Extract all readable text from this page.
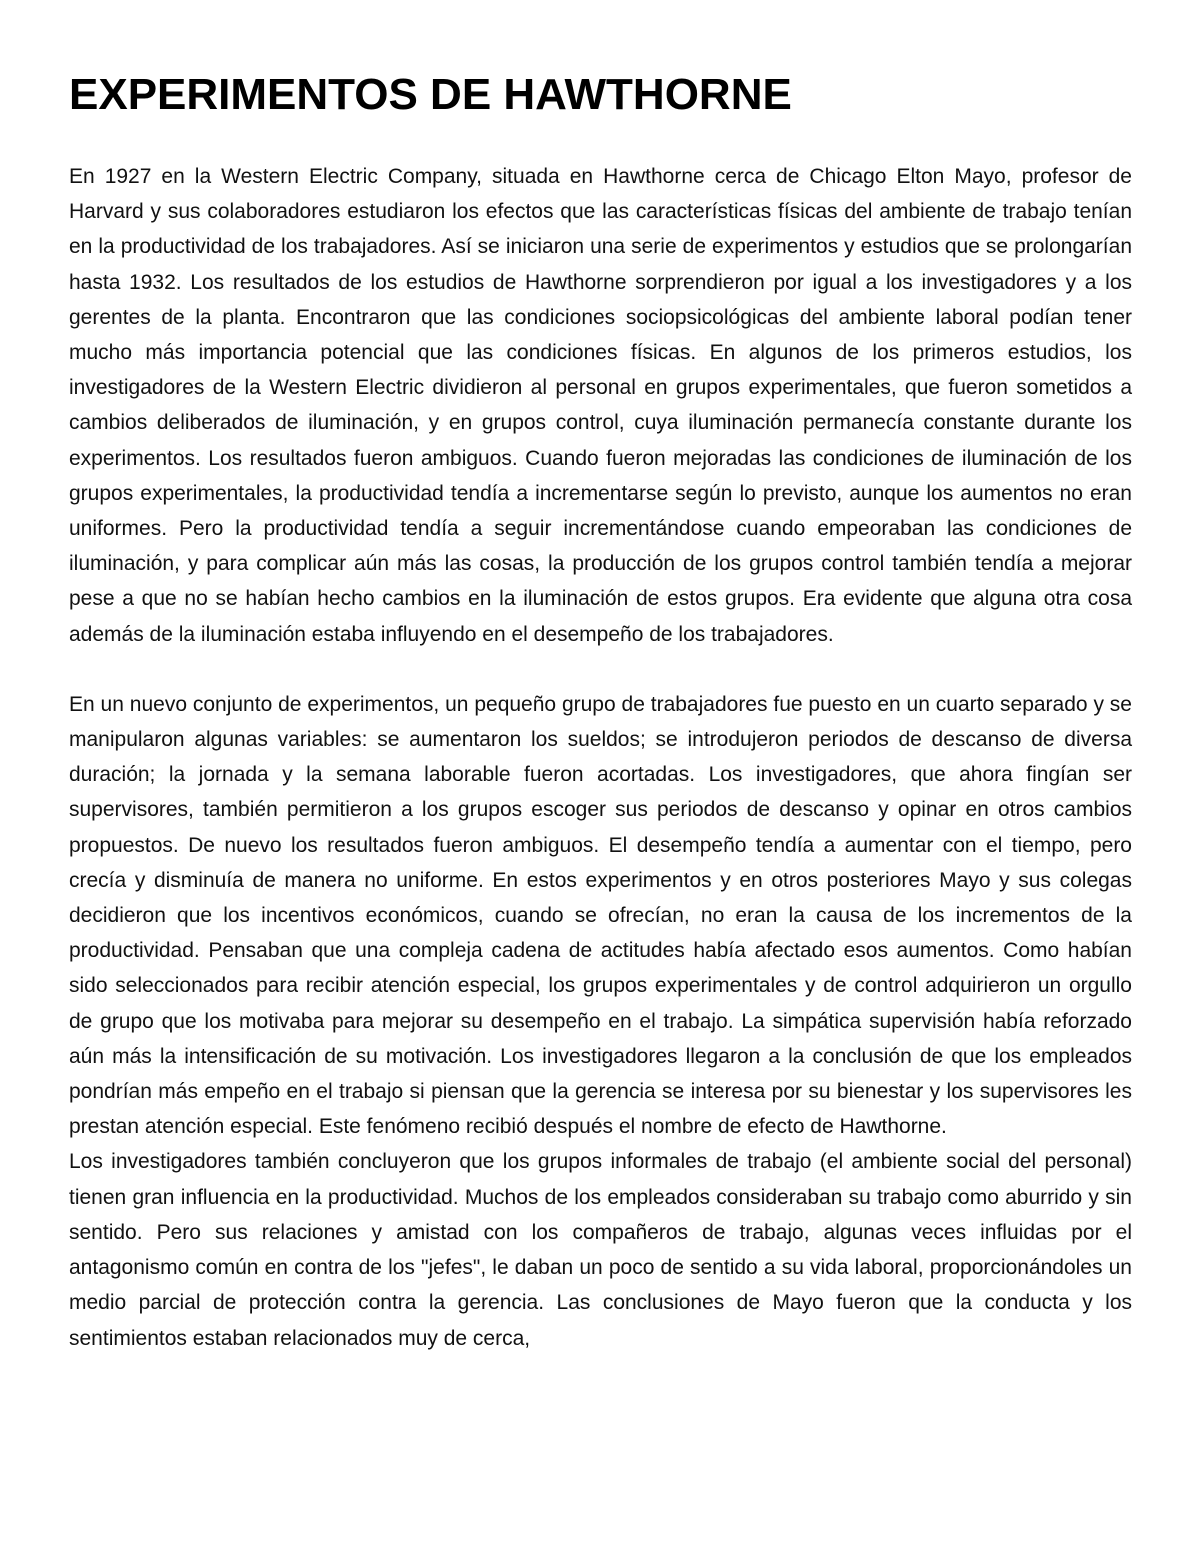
EXPERIMENTOS DE HAWTHORNE

En 1927 en la Western Electric Company, situada en Hawthorne cerca de Chicago Elton Mayo, profesor de Harvard y sus colaboradores estudiaron los efectos que las características físicas del ambiente de trabajo tenían en la productividad de los trabajadores. Así se iniciaron una serie de experimentos y estudios que se prolongarían hasta 1932. Los resultados de los estudios de Hawthorne sorprendieron por igual a los investigadores y a los gerentes de la planta. Encontraron que las condiciones sociopsicológicas del ambiente laboral podían tener mucho más importancia potencial que las condiciones físicas. En algunos de los primeros estudios, los investigadores de la Western Electric dividieron al personal en grupos experimentales, que fueron sometidos a cambios deliberados de iluminación, y en grupos control, cuya iluminación permanecía constante durante los experimentos. Los resultados fueron ambiguos. Cuando fueron mejoradas las condiciones de iluminación de los grupos experimentales, la productividad tendía a incrementarse según lo previsto, aunque los aumentos no eran uniformes. Pero la productividad tendía a seguir incrementándose cuando empeoraban las condiciones de iluminación, y para complicar aún más las cosas, la producción de los grupos control también tendía a mejorar pese a que no se habían hecho cambios en la iluminación de estos grupos. Era evidente que alguna otra cosa además de la iluminación estaba influyendo en el desempeño de los trabajadores.

En un nuevo conjunto de experimentos, un pequeño grupo de trabajadores fue puesto en un cuarto separado y se manipularon algunas variables: se aumentaron los sueldos; se introdujeron periodos de descanso de diversa duración; la jornada y la semana laborable fueron acortadas. Los investigadores, que ahora fingían ser supervisores, también permitieron a los grupos escoger sus periodos de descanso y opinar en otros cambios propuestos. De nuevo los resultados fueron ambiguos. El desempeño tendía a aumentar con el tiempo, pero crecía y disminuía de manera no uniforme. En estos experimentos y en otros posteriores Mayo y sus colegas decidieron que los incentivos económicos, cuando se ofrecían, no eran la causa de los incrementos de la productividad. Pensaban que una compleja cadena de actitudes había afectado esos aumentos. Como habían sido seleccionados para recibir atención especial, los grupos experimentales y de control adquirieron un orgullo de grupo que los motivaba para mejorar su desempeño en el trabajo. La simpática supervisión había reforzado aún más la intensificación de su motivación. Los investigadores llegaron a la conclusión de que los empleados pondrían más empeño en el trabajo si piensan que la gerencia se interesa por su bienestar y los supervisores les prestan atención especial. Este fenómeno recibió después el nombre de efecto de Hawthorne.

Los investigadores también concluyeron que los grupos informales de trabajo (el ambiente social del personal) tienen gran influencia en la productividad. Muchos de los empleados consideraban su trabajo como aburrido y sin sentido. Pero sus relaciones y amistad con los compañeros de trabajo, algunas veces influidas por el antagonismo común en contra de los "jefes", le daban un poco de sentido a su vida laboral, proporcionándoles un medio parcial de protección contra la gerencia. Las conclusiones de Mayo fueron que la conducta y los sentimientos estaban relacionados muy de cerca,
